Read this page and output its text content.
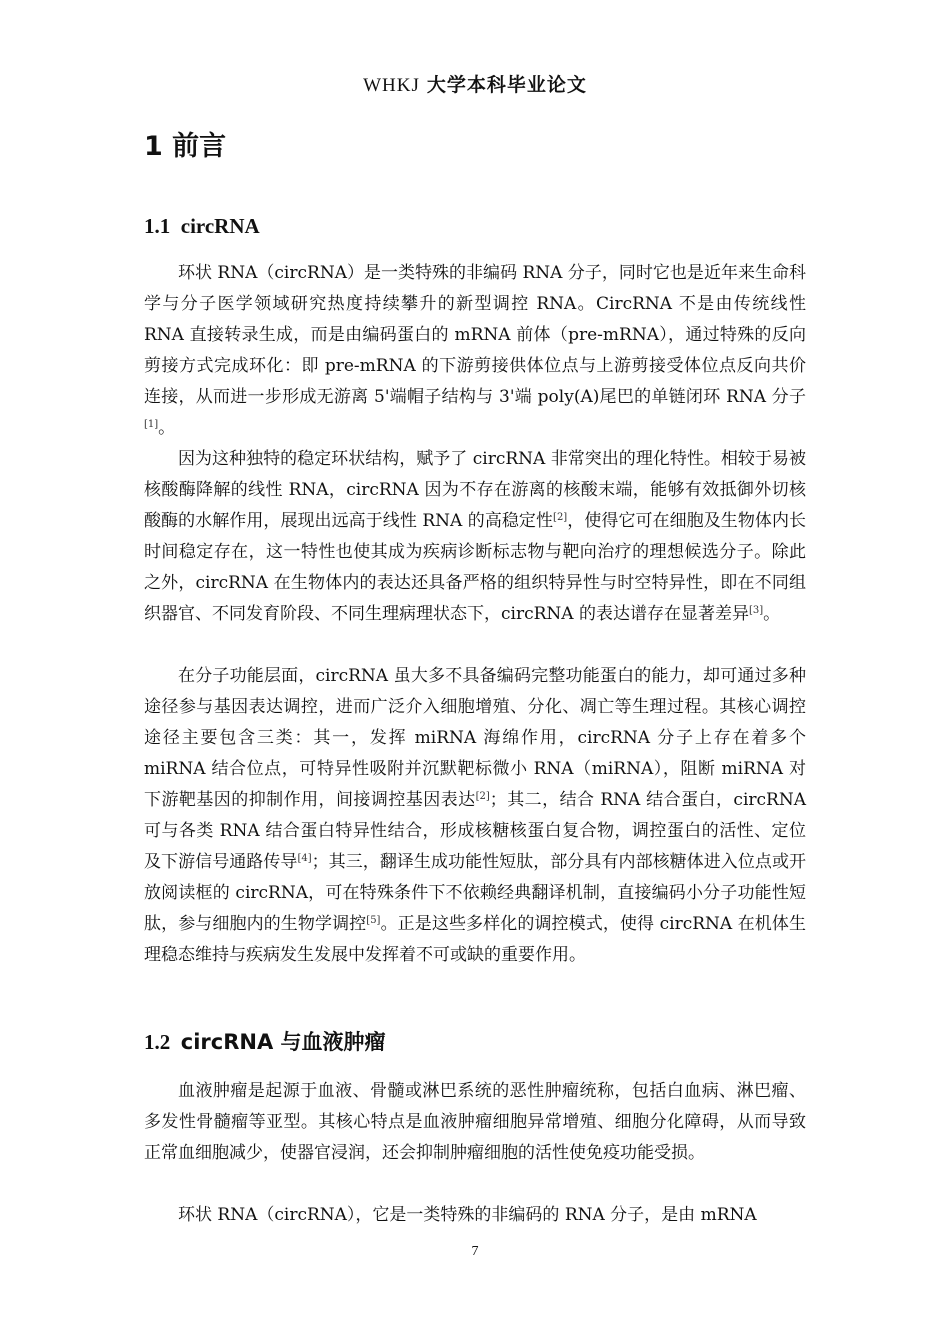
WHKJ 大学本科毕业论文
1 前言
1.1 circRNA

环状 RNA（circRNA）是一类特殊的非编码 RNA 分子，同时它也是近年来生命科学与分子医学领域研究热度持续攀升的新型调控 RNA。CircRNA 不是由传统线性 RNA 直接转录生成，而是由编码蛋白的 mRNA 前体（pre-mRNA），通过特殊的反向剪接方式完成环化：即 pre-mRNA 的下游剪接供体位点与上游剪接受体位点反向共价连接，从而进一步形成无游离 5'端帽子结构与 3'端 poly(A)尾巴的单链闭环 RNA 分子[1]。

因为这种独特的稳定环状结构，赋予了 circRNA 非常突出的理化特性。相较于易被核酸酶降解的线性 RNA，circRNA 因为不存在游离的核酸末端，能够有效抵御外切核酸酶的水解作用，展现出远高于线性 RNA 的高稳定性[2]，使得它可在细胞及生物体内长时间稳定存在，这一特性也使其成为疾病诊断标志物与靶向治疗的理想候选分子。除此之外，circRNA 在生物体内的表达还具备严格的组织特异性与时空特异性，即在不同组织器官、不同发育阶段、不同生理病理状态下，circRNA 的表达谱存在显著差异[3]。

在分子功能层面，circRNA 虽大多不具备编码完整功能蛋白的能力，却可通过多种途径参与基因表达调控，进而广泛介入细胞增殖、分化、凋亡等生理过程。其核心调控途径主要包含三类：其一，发挥 miRNA 海绵作用，circRNA 分子上存在着多个 miRNA 结合位点，可特异性吸附并沉默靶标微小 RNA（miRNA），阻断 miRNA 对下游靶基因的抑制作用，间接调控基因表达[2]；其二，结合 RNA 结合蛋白，circRNA 可与各类 RNA 结合蛋白特异性结合，形成核糖核蛋白复合物，调控蛋白的活性、定位及下游信号通路传导[4]；其三，翻译生成功能性短肽，部分具有内部核糖体进入位点或开放阅读框的 circRNA，可在特殊条件下不依赖经典翻译机制，直接编码小分子功能性短肽，参与细胞内的生物学调控[5]。正是这些多样化的调控模式，使得 circRNA 在机体生理稳态维持与疾病发生发展中发挥着不可或缺的重要作用。

1.2 circRNA 与血液肿瘤

血液肿瘤是起源于血液、骨髓或淋巴系统的恶性肿瘤统称，包括白血病、淋巴瘤、多发性骨髓瘤等亚型。其核心特点是血液肿瘤细胞异常增殖、细胞分化障碍，从而导致正常血细胞减少，使器官浸润，还会抑制肿瘤细胞的活性使免疫功能受损。

环状 RNA（circRNA），它是一类特殊的非编码的 RNA 分子，是由 mRNA

7
